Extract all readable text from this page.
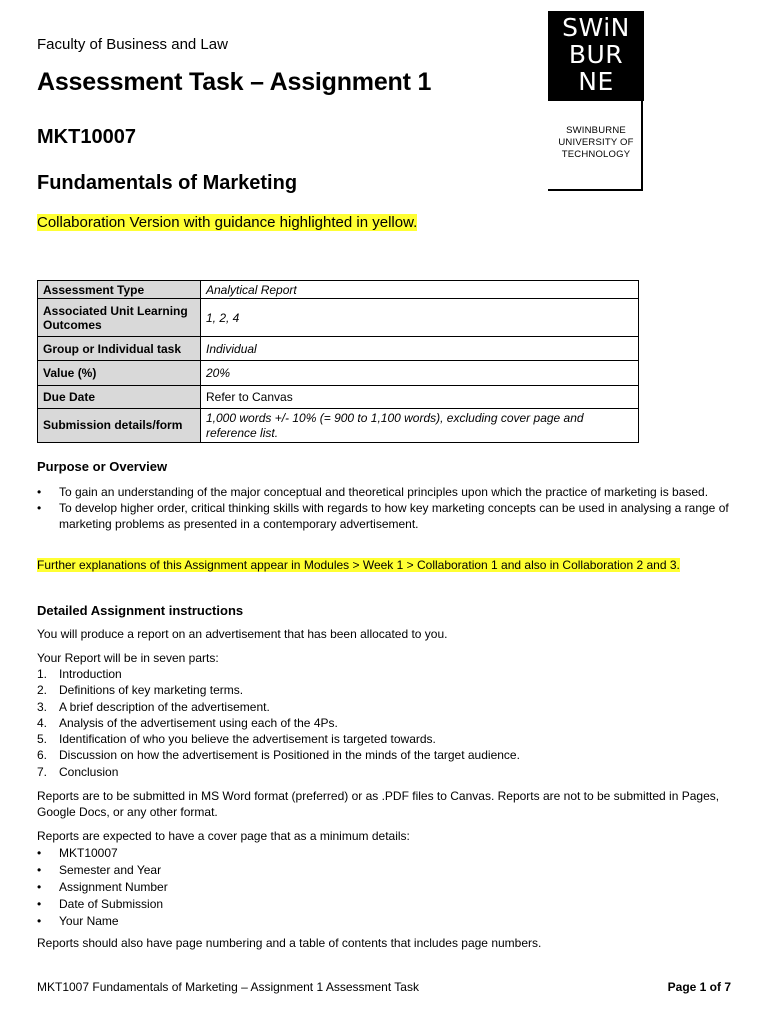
Faculty of Business and Law
Assessment Task – Assignment 1
MKT10007
Fundamentals of Marketing
Collaboration Version with guidance highlighted in yellow.
SWiN
BUR
NE
SWINBURNE
UNIVERSITY OF
TECHNOLOGY
Assessment Type	Analytical Report
Associated Unit Learning Outcomes	1, 2, 4
Group or Individual task	Individual
Value (%)	20%
Due Date	Refer to Canvas
Submission details/form	1,000 words +/- 10% (= 900 to 1,100 words), excluding cover page and reference list.
Purpose or Overview
• To gain an understanding of the major conceptual and theoretical principles upon which the practice of marketing is based.
• To develop higher order, critical thinking skills with regards to how key marketing concepts can be used in analysing a range of marketing problems as presented in a contemporary advertisement.
Further explanations of this Assignment appear in Modules > Week 1 > Collaboration 1 and also in Collaboration 2 and 3.
Detailed Assignment instructions
You will produce a report on an advertisement that has been allocated to you.
Your Report will be in seven parts:
1. Introduction
2. Definitions of key marketing terms.
3. A brief description of the advertisement.
4. Analysis of the advertisement using each of the 4Ps.
5. Identification of who you believe the advertisement is targeted towards.
6. Discussion on how the advertisement is Positioned in the minds of the target audience.
7. Conclusion
Reports are to be submitted in MS Word format (preferred) or as .PDF files to Canvas. Reports are not to be submitted in Pages, Google Docs, or any other format.
Reports are expected to have a cover page that as a minimum details:
• MKT10007
• Semester and Year
• Assignment Number
• Date of Submission
• Your Name
Reports should also have page numbering and a table of contents that includes page numbers.
MKT1007 Fundamentals of Marketing – Assignment 1 Assessment Task	Page 1 of 7
